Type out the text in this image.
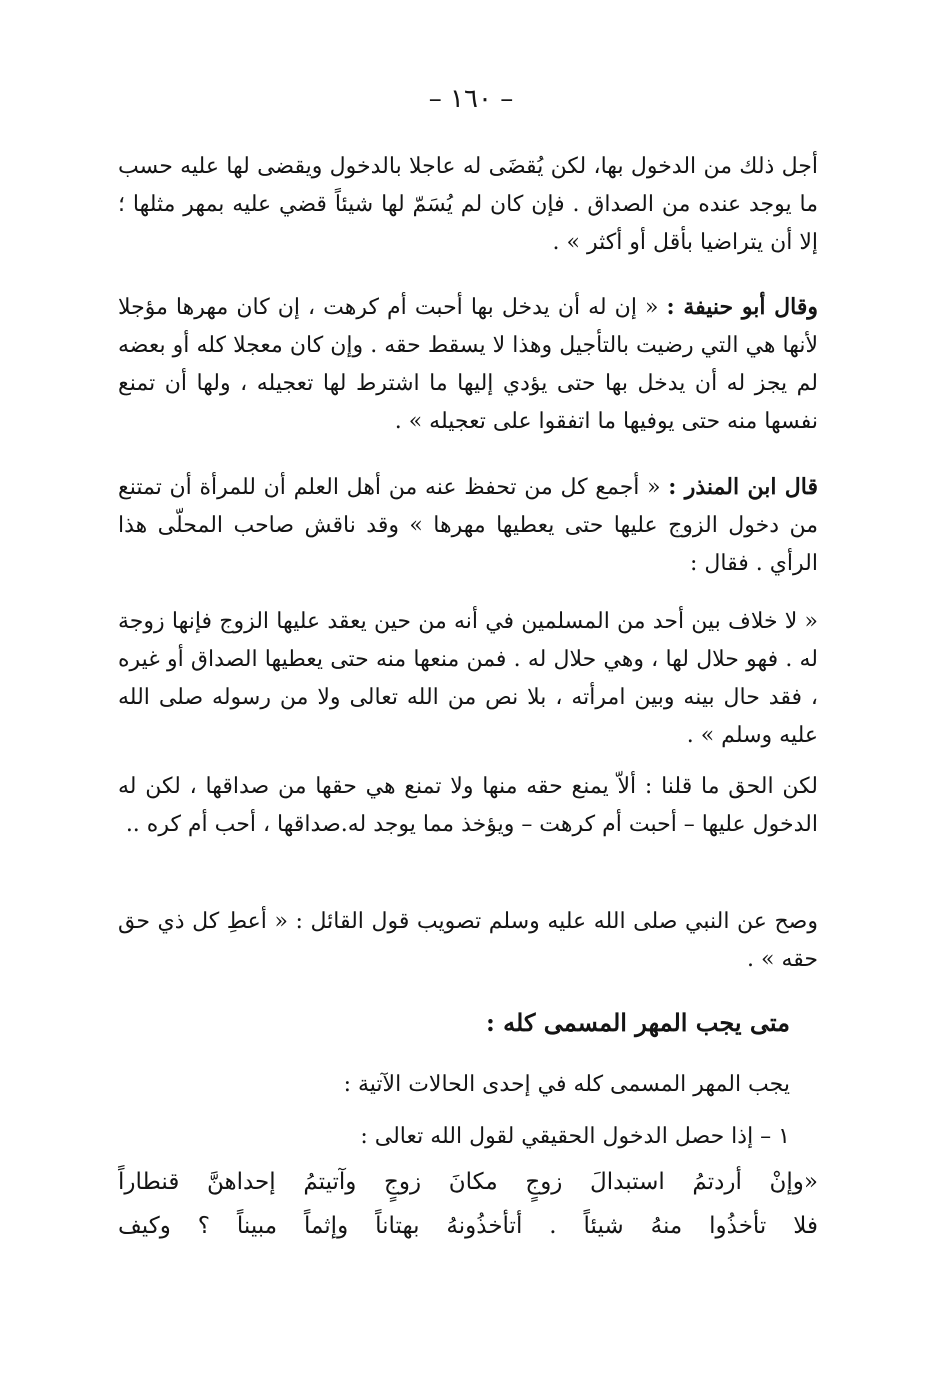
– ١٦٠ –

أجل ذلك من الدخول بها، لكن يُقضَى له عاجلا بالدخول ويقضى لها عليه حسب ما يوجد عنده من الصداق . فإن كان لم يُسَمّ لها شيئاً قضي عليه بمهر مثلها ؛ إلا أن يتراضيا بأقل أو أكثر » .

وقال أبو حنيفة : « إن له أن يدخل بها أحبت أم كرهت ، إن كان مهرها مؤجلا لأنها هي التي رضيت بالتأجيل وهذا لا يسقط حقه . وإن كان معجلا كله أو بعضه لم يجز له أن يدخل بها حتى يؤدي إليها ما اشترط لها تعجيله ، ولها أن تمنع نفسها منه حتى يوفيها ما اتفقوا على تعجيله » .

قال ابن المنذر : « أجمع كل من تحفظ عنه من أهل العلم أن للمرأة أن تمتنع من دخول الزوج عليها حتى يعطيها مهرها » وقد ناقش صاحب المحلّى هذا الرأي . فقال :

« لا خلاف بين أحد من المسلمين في أنه من حين يعقد عليها الزوج فإنها زوجة له . فهو حلال لها ، وهي حلال له . فمن منعها منه حتى يعطيها الصداق أو غيره ، فقد حال بينه وبين امرأته ، بلا نص من الله تعالى ولا من رسوله صلى الله عليه وسلم » .

لكن الحق ما قلنا : ألاّ يمنع حقه منها ولا تمنع هي حقها من صداقها ، لكن له الدخول عليها – أحبت أم كرهت – ويؤخذ مما يوجد له.صداقها ، أحب أم كره ..

وصح عن النبي صلى الله عليه وسلم تصويب قول القائل : « أعطِ كل ذي حق حقه » .

متى يجب المهر المسمى كله :
يجب المهر المسمى كله في إحدى الحالات الآتية :
١ – إذا حصل الدخول الحقيقي لقول الله تعالى :
«وإنْ أردتمُ استبدالَ زوجٍ مكانَ زوجٍ وآتيتمُ إحداهنَّ قنطاراً
فلا تأخذُوا منهُ شيئاً . أتأخذُونهُ بهتاناً وإثماً مبيناً ؟ وكيف
